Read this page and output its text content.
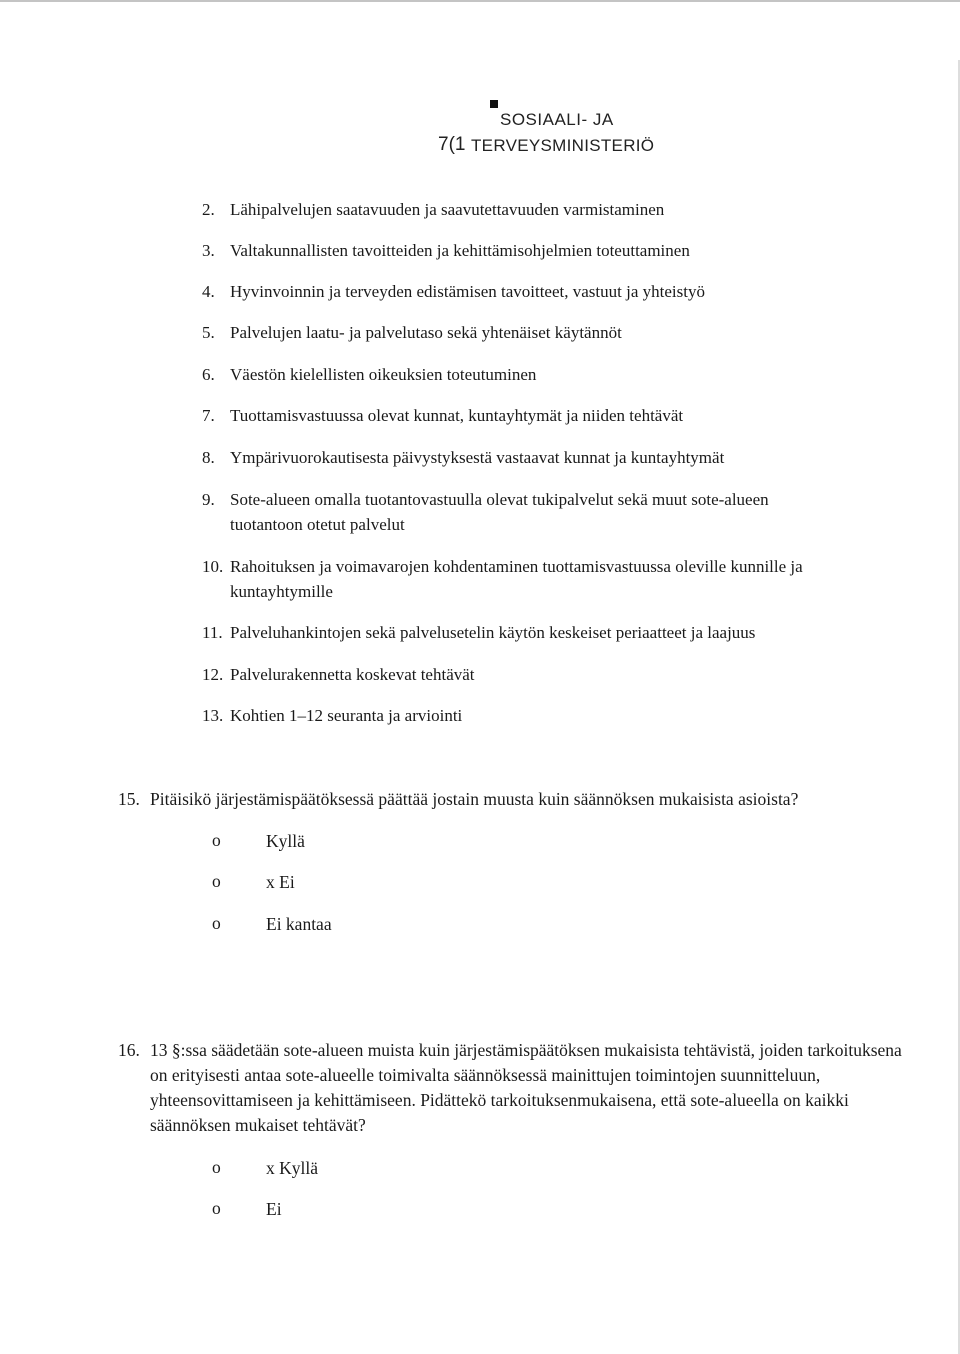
SOSIAALI- JA
7(1 TERVEYSMINISTERIÖ
2. Lähipalvelujen saatavuuden ja saavutettavuuden varmistaminen
3. Valtakunnallisten tavoitteiden ja kehittämisohjelmien toteuttaminen
4. Hyvinvoinnin ja terveyden edistämisen tavoitteet, vastuut ja yhteistyö
5. Palvelujen laatu- ja palvelutaso sekä yhtenäiset käytännöt
6. Väestön kielellisten oikeuksien toteutuminen
7. Tuottamisvastuussa olevat kunnat, kuntayhtymät ja niiden tehtävät
8. Ympärivuorokautisesta päivystyksestä vastaavat kunnat ja kuntayhtymät
9. Sote-alueen omalla tuotantovastuulla olevat tukipalvelut sekä muut sote-alueen
tuotantoon otetut palvelut
10. Rahoituksen ja voimavarojen kohdentaminen tuottamisvastuussa oleville kunnille ja
kuntayhtymille
11. Palveluhankintojen sekä palvelusetelin käytön keskeiset periaatteet ja laajuus
12. Palvelurakennetta koskevat tehtävät
13. Kohtien 1–12 seuranta ja arviointi
15. Pitäisikö järjestämispäätöksessä päättää jostain muusta kuin säännöksen mukaisista asioista?
o	Kyllä
o	x Ei
o	Ei kantaa
16. 13 §:ssa säädetään sote-alueen muista kuin järjestämispäätöksen mukaisista tehtävistä, joiden tarkoituksena on erityisesti antaa sote-alueelle toimivalta säännöksessä mainittujen toimintojen suunnitteluun, yhteensovittamiseen ja kehittämiseen. Pidättekö tarkoituksenmukaisena, että sote-alueella on kaikki säännöksen mukaiset tehtävät?
o	x Kyllä
o	Ei
